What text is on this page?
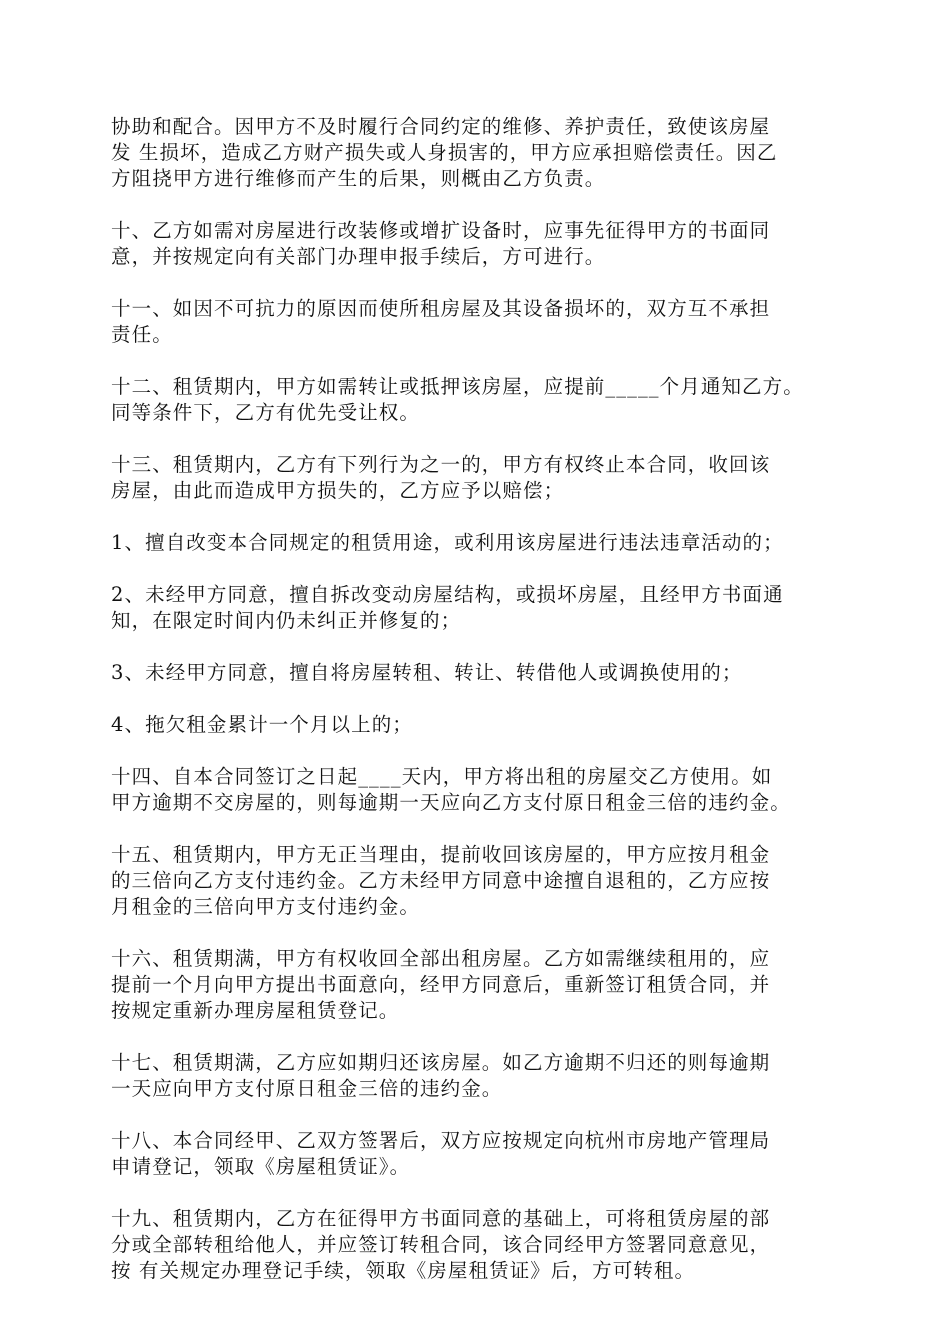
协助和配合。因甲方不及时履行合同约定的维修、养护责任，致使该房屋
发 生损坏，造成乙方财产损失或人身损害的，甲方应承担赔偿责任。因乙
方阻挠甲方进行维修而产生的后果，则概由乙方负责。

十、乙方如需对房屋进行改装修或增扩设备时，应事先征得甲方的书面同
意，并按规定向有关部门办理申报手续后，方可进行。

十一、如因不可抗力的原因而使所租房屋及其设备损坏的，双方互不承担
责任。

十二、租赁期内，甲方如需转让或抵押该房屋，应提前_____个月通知乙方。
同等条件下，乙方有优先受让权。

十三、租赁期内，乙方有下列行为之一的，甲方有权终止本合同，收回该
房屋，由此而造成甲方损失的，乙方应予以赔偿；

1、擅自改变本合同规定的租赁用途，或利用该房屋进行违法违章活动的；

2、未经甲方同意，擅自拆改变动房屋结构，或损坏房屋，且经甲方书面通
知，在限定时间内仍未纠正并修复的；

3、未经甲方同意，擅自将房屋转租、转让、转借他人或调换使用的；

4、拖欠租金累计一个月以上的；

十四、自本合同签订之日起____天内，甲方将出租的房屋交乙方使用。如
甲方逾期不交房屋的，则每逾期一天应向乙方支付原日租金三倍的违约金。

十五、租赁期内，甲方无正当理由，提前收回该房屋的，甲方应按月租金
的三倍向乙方支付违约金。乙方未经甲方同意中途擅自退租的，乙方应按
月租金的三倍向甲方支付违约金。

十六、租赁期满，甲方有权收回全部出租房屋。乙方如需继续租用的，应
提前一个月向甲方提出书面意向，经甲方同意后，重新签订租赁合同，并
按规定重新办理房屋租赁登记。

十七、租赁期满，乙方应如期归还该房屋。如乙方逾期不归还的则每逾期
一天应向甲方支付原日租金三倍的违约金。

十八、本合同经甲、乙双方签署后，双方应按规定向杭州市房地产管理局
申请登记，领取《房屋租赁证》。

十九、租赁期内，乙方在征得甲方书面同意的基础上，可将租赁房屋的部
分或全部转租给他人，并应签订转租合同，该合同经甲方签署同意意见，
按 有关规定办理登记手续，领取《房屋租赁证》后，方可转租。
